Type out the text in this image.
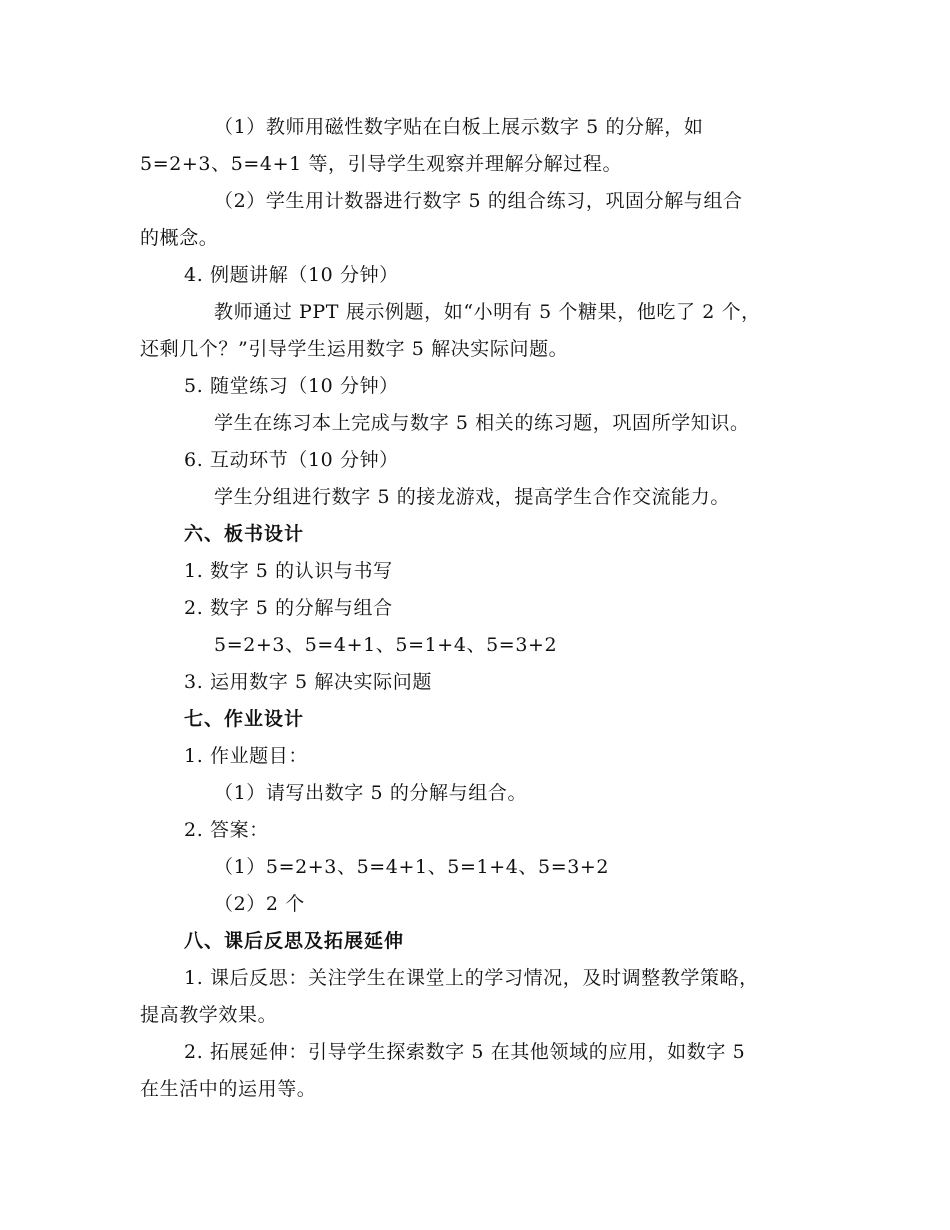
（1）教师用磁性数字贴在白板上展示数字 5 的分解，如
5=2+3、5=4+1 等，引导学生观察并理解分解过程。
（2）学生用计数器进行数字 5 的组合练习，巩固分解与组合
的概念。
4. 例题讲解（10 分钟）
教师通过 PPT 展示例题，如“小明有 5 个糖果，他吃了 2 个，
还剩几个？”引导学生运用数字 5 解决实际问题。
5. 随堂练习（10 分钟）
学生在练习本上完成与数字 5 相关的练习题，巩固所学知识。
6. 互动环节（10 分钟）
学生分组进行数字 5 的接龙游戏，提高学生合作交流能力。
六、板书设计
1. 数字 5 的认识与书写
2. 数字 5 的分解与组合
5=2+3、5=4+1、5=1+4、5=3+2
3. 运用数字 5 解决实际问题
七、作业设计
1. 作业题目：
（1）请写出数字 5 的分解与组合。
2. 答案：
（1）5=2+3、5=4+1、5=1+4、5=3+2
（2）2 个
八、课后反思及拓展延伸
1. 课后反思：关注学生在课堂上的学习情况，及时调整教学策略，
提高教学效果。
2. 拓展延伸：引导学生探索数字 5 在其他领域的应用，如数字 5
在生活中的运用等。
